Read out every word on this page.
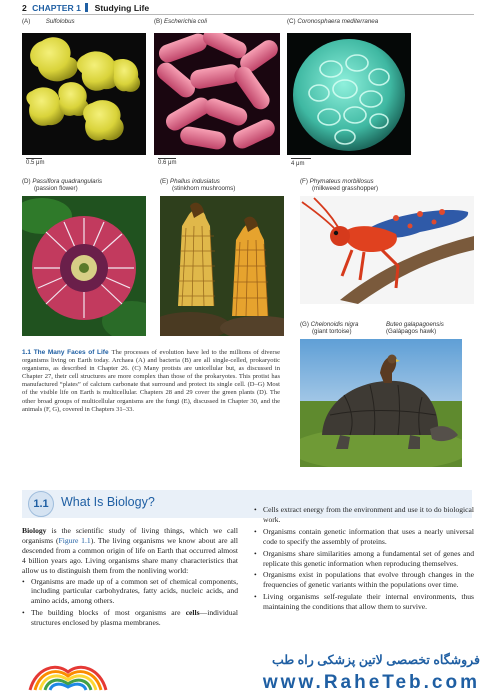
2 CHAPTER 1 Studying Life
(A) Sulfolobus
0.5 μm
(B) Escherichia coli
0.6 μm
(C) Coronosphaera mediterranea
4 μm
(D) Passiflora quadrangularis
(passion flower)
(E) Phallus indusiatus
(stinkhorn mushrooms)
(F) Phymateus morbillosus
(milkweed grasshopper)
(G) Chelonoidis nigra
(giant tortoise)
Buteo galapagoensis
(Galápagos hawk)
1.1 The Many Faces of Life The processes of evolution have led to the millions of diverse organisms living on Earth today. Archaea (A) and bacteria (B) are all single-celled, prokaryotic organisms, as described in Chapter 26. (C) Many protists are unicellular but, as discussed in Chapter 27, their cell structures are more complex than those of the prokaryotes. This protist has manufactured “plates” of calcium carbonate that surround and protect its single cell. (D–G) Most of the visible life on Earth is multicellular. Chapters 28 and 29 cover the green plants (D). The other broad groups of multicellular organisms are the fungi (E), discussed in Chapter 30, and the animals (F, G), covered in Chapters 31–33.
1.1 What Is Biology?

Biology is the scientific study of living things, which we call organisms (Figure 1.1). The living organisms we know about are all descended from a common origin of life on Earth that occurred almost 4 billion years ago. Living organisms share many characteristics that allow us to distinguish them from the nonliving world:

• Organisms are made up of a common set of chemical components, including particular carbohydrates, fatty acids, nucleic acids, and amino acids, among others.
• The building blocks of most organisms are cells—individual structures enclosed by plasma membranes.
• Cells extract energy from the environment and use it to do biological work.
• Organisms contain genetic information that uses a nearly universal code to specify the assembly of proteins.
• Organisms share similarities among a fundamental set of genes and replicate this genetic information when reproducing themselves.
• Organisms exist in populations that evolve through changes in the frequencies of genetic variants within the populations over time.
• Living organisms self-regulate their internal environments, thus maintaining the conditions that allow them to survive.
فروشگاه تخصصی لاتین پزشکی راه طب
www.RaheTeb.com
